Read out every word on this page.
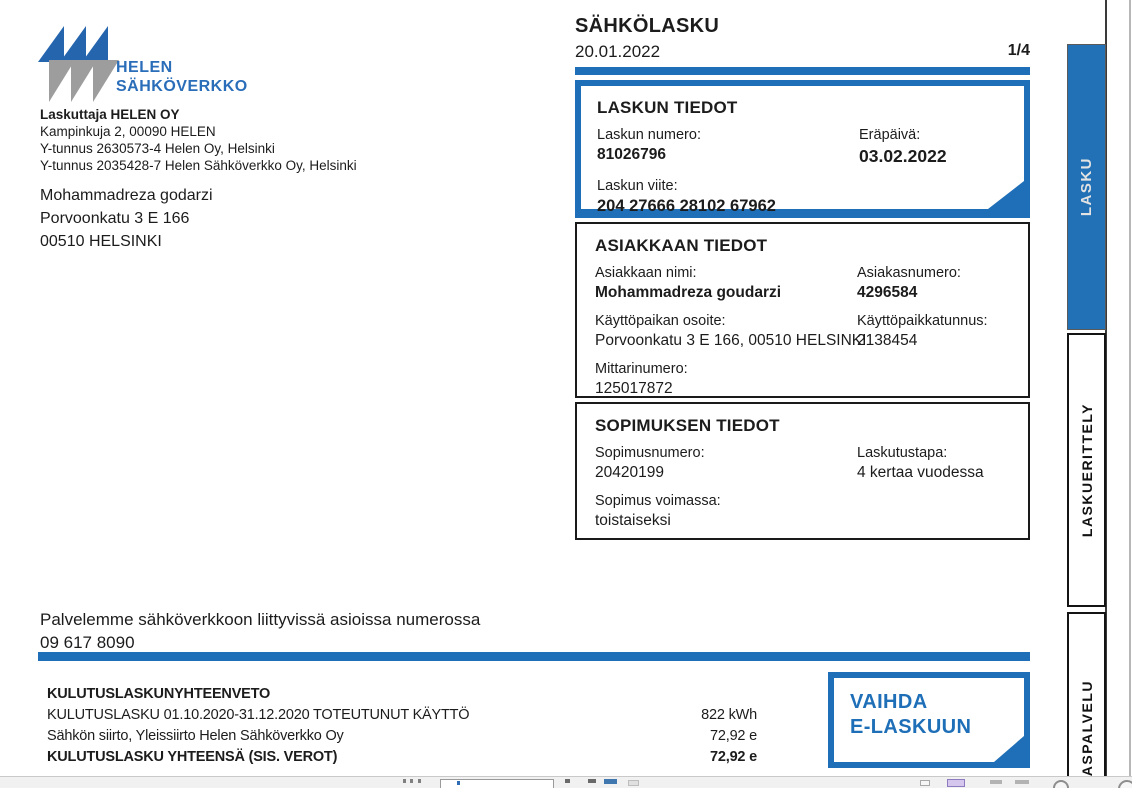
HELEN
SÄHKÖVERKKO
Laskuttaja HELEN OY
Kampinkuja 2, 00090 HELEN
Y-tunnus 2630573-4 Helen Oy, Helsinki
Y-tunnus 2035428-7 Helen Sähköverkko Oy, Helsinki
Mohammadreza godarzi
Porvoonkatu 3 E 166
00510 HELSINKI
SÄHKÖLASKU
20.01.2022	1/4
LASKUN TIEDOT
Laskun numero:
81026796
Eräpäivä:
03.02.2022
Laskun viite:
204 27666 28102 67962
ASIAKKAAN TIEDOT
Asiakkaan nimi:
Mohammadreza goudarzi
Asiakasnumero:
4296584
Käyttöpaikan osoite:
Porvoonkatu 3 E 166, 00510 HELSINKI
Käyttöpaikkatunnus:
2138454
Mittarinumero:
125017872
SOPIMUKSEN TIEDOT
Sopimusnumero:
20420199
Laskutustapa:
4 kertaa vuodessa
Sopimus voimassa:
toistaiseksi
Palvelemme sähköverkkoon liittyvissä asioissa numerossa
09 617 8090
KULUTUSLASKUNYHTEENVETO
KULUTUSLASKU 01.10.2020-31.12.2020 TOTEUTUNUT KÄYTTÖ	822 kWh
Sähkön siirto, Yleissiirto Helen Sähköverkko Oy	72,92 e
KULUTUSLASKU YHTEENSÄ (SIS. VEROT)	72,92 e
VAIHDA
E-LASKUUN
LASKU
LASKUERITTELY
ASPALVELU
